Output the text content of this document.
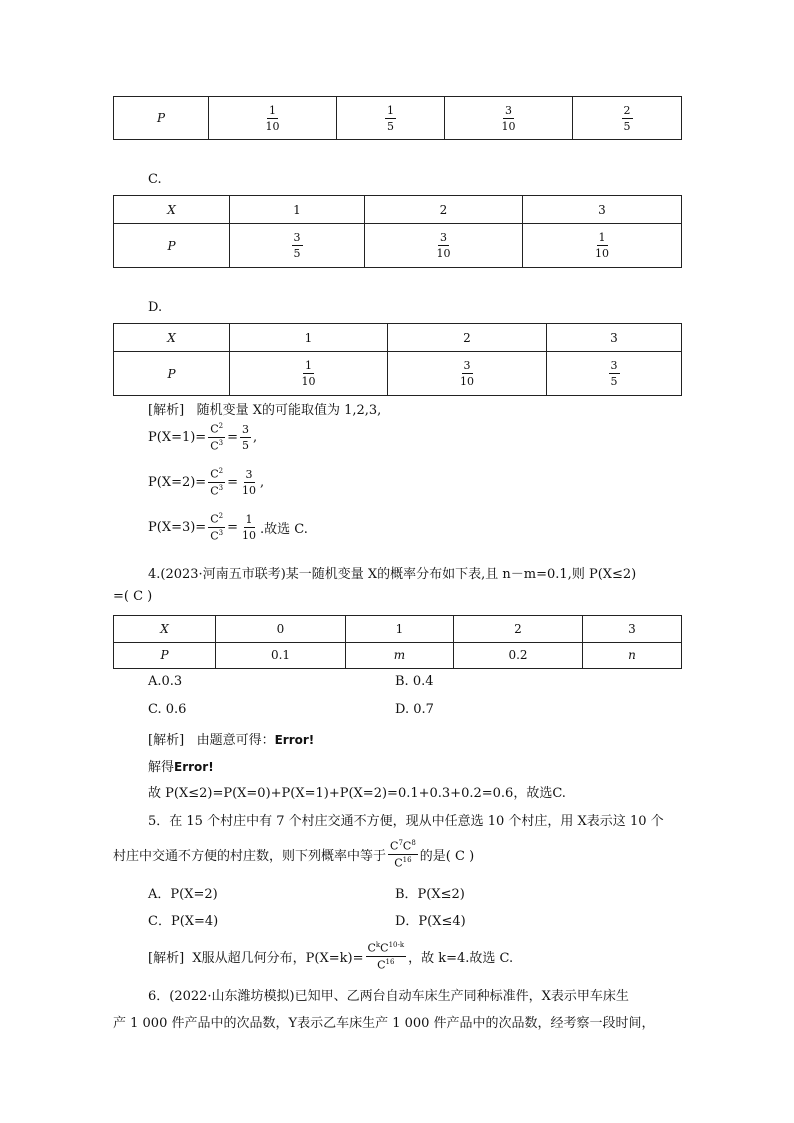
P	$\frac{1}{10}$	$\frac{1}{5}$	$\frac{3}{10}$	$\frac{2}{5}$
C.
X	1	2	3
P	$\frac{3}{5}$	$\frac{3}{10}$	$\frac{1}{10}$
D.
X	1	2	3
P	$\frac{1}{10}$	$\frac{3}{10}$	$\frac{3}{5}$
[解析] 随机变量 X的可能取值为 1,2,3,
$P(X=1)= \frac{C^2}{C^3} = \frac{3}{5}$ ,
$P(X=2)= \frac{C^2}{C^3} = \frac{3}{10}$ ,
$P(X=3)= \frac{C^2}{C^3} = \frac{1}{10}$ .故选 C.
4.(2023·河南五市联考)某一随机变量 X的概率分布如下表,且 n－m=0.1,则 P(X≤2)
=( C )
X	0	1	2	3
P	0.1	m	0.2	n
A.0.3	B. 0.4
C. 0.6	D. 0.7
[解析] 由题意可得：Error!
解得Error!
故 P(X≤2)=P(X=0)+P(X=1)+P(X=2)=0.1+0.3+0.2=0.6，故选C.
5．在 15 个村庄中有 7 个村庄交通不方便，现从中任意选 10 个村庄，用 X表示这 10 个
村庄中交通不方便的村庄数，则下列概率中等于 $\frac{C^7C^8}{C^{16}}$ 的是( C )
A．P(X=2)	B．P(X≤2)
C．P(X=4)	D．P(X≤4)
[解析]
X服从超几何分布，$P(X=k)= \frac{C^kC^{10-k}}{C^{16}}$ ，故 k=4.故选 C.
6．(2022·山东潍坊模拟)已知甲、乙两台自动车床生产同种标准件，X表示甲车床生
产 1 000 件产品中的次品数，Y表示乙车床生产 1 000 件产品中的次品数，经考察一段时间，
